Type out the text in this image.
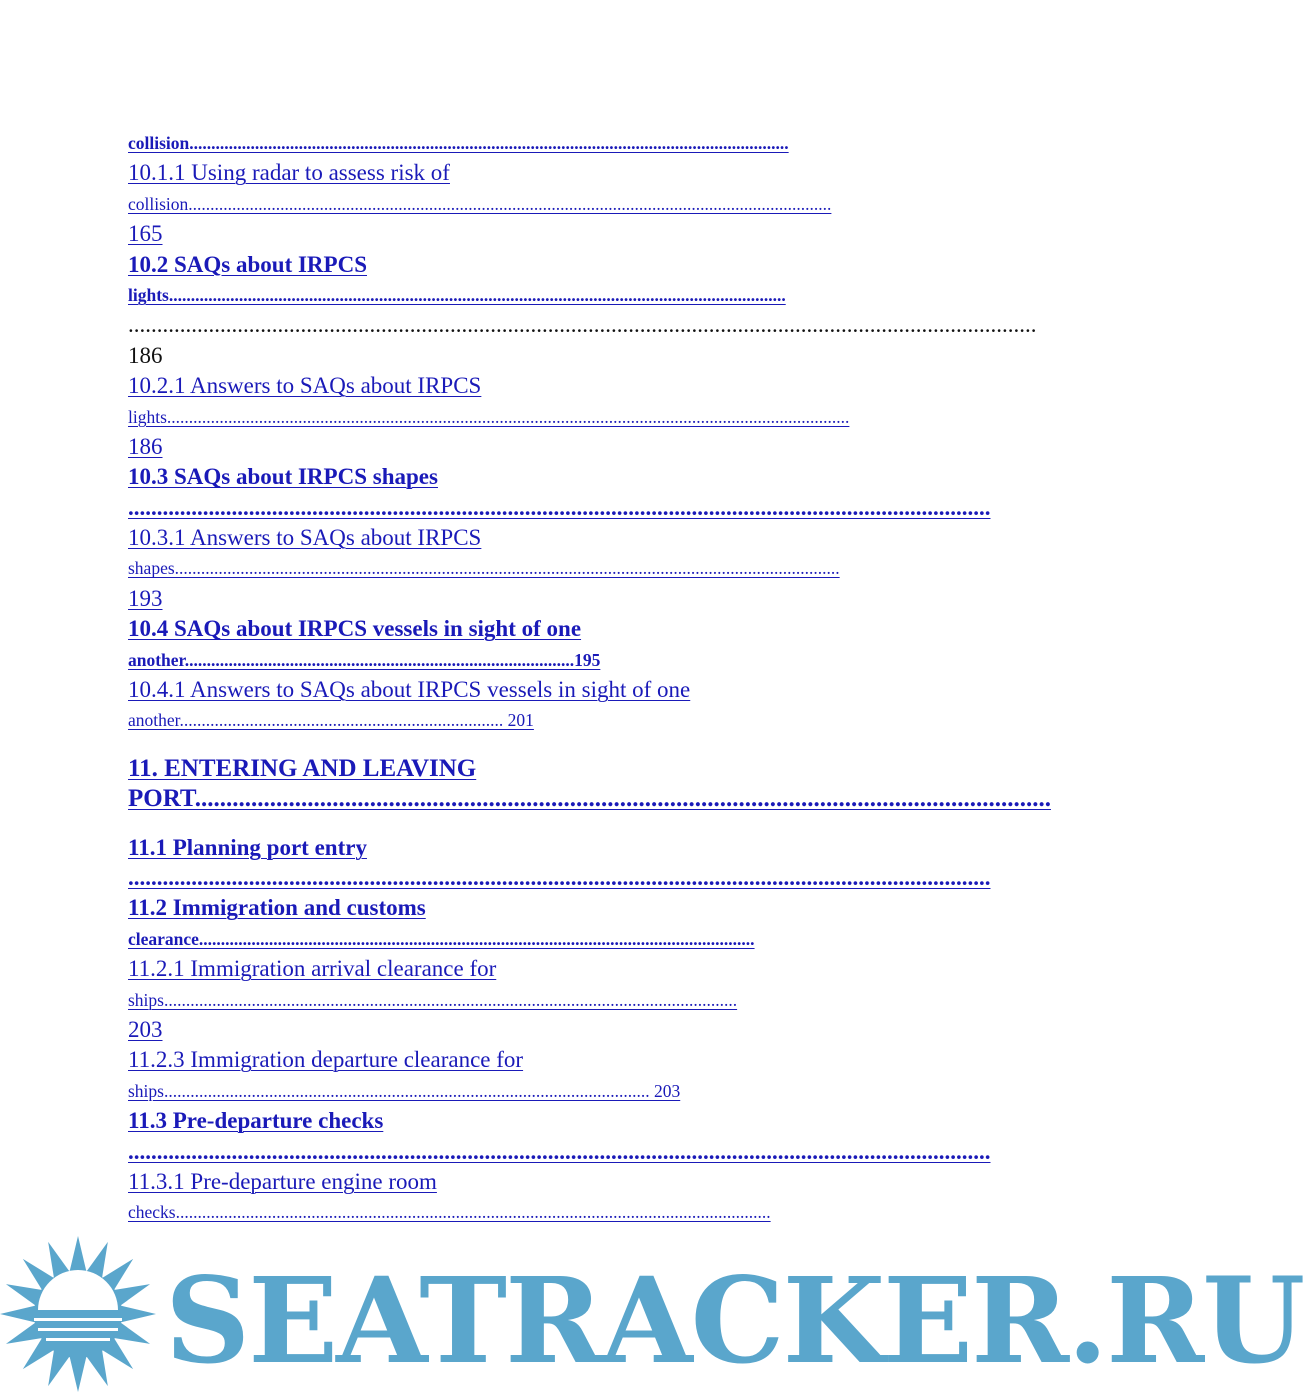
collision.........................................................................................................................................
10.1.1 Using radar to assess risk of
collision...................................................................................................................................................
165
10.2 SAQs about IRPCS
lights.............................................................................................................................................
..............................................................................................................................................................
186
10.2.1 Answers to SAQs about IRPCS
lights............................................................................................................................................................
186
10.3 SAQs about IRPCS shapes
......................................................................................................................................................
10.3.1 Answers to SAQs about IRPCS
shapes........................................................................................................................................................
193
10.4 SAQs about IRPCS vessels in sight of one
another.........................................................................................195
10.4.1 Answers to SAQs about IRPCS vessels in sight of one
another.......................................................................... 201
11. ENTERING AND LEAVING
PORT.........................................................................................................................................
11.1 Planning port entry
......................................................................................................................................................
11.2 Immigration and customs
clearance...............................................................................................................................
11.2.1 Immigration arrival clearance for
ships...................................................................................................................................
203
11.2.3 Immigration departure clearance for
ships............................................................................................................... 203
11.3 Pre-departure checks
......................................................................................................................................................
11.3.1 Pre-departure engine room
checks........................................................................................................................................
SEATRACKER.RU
